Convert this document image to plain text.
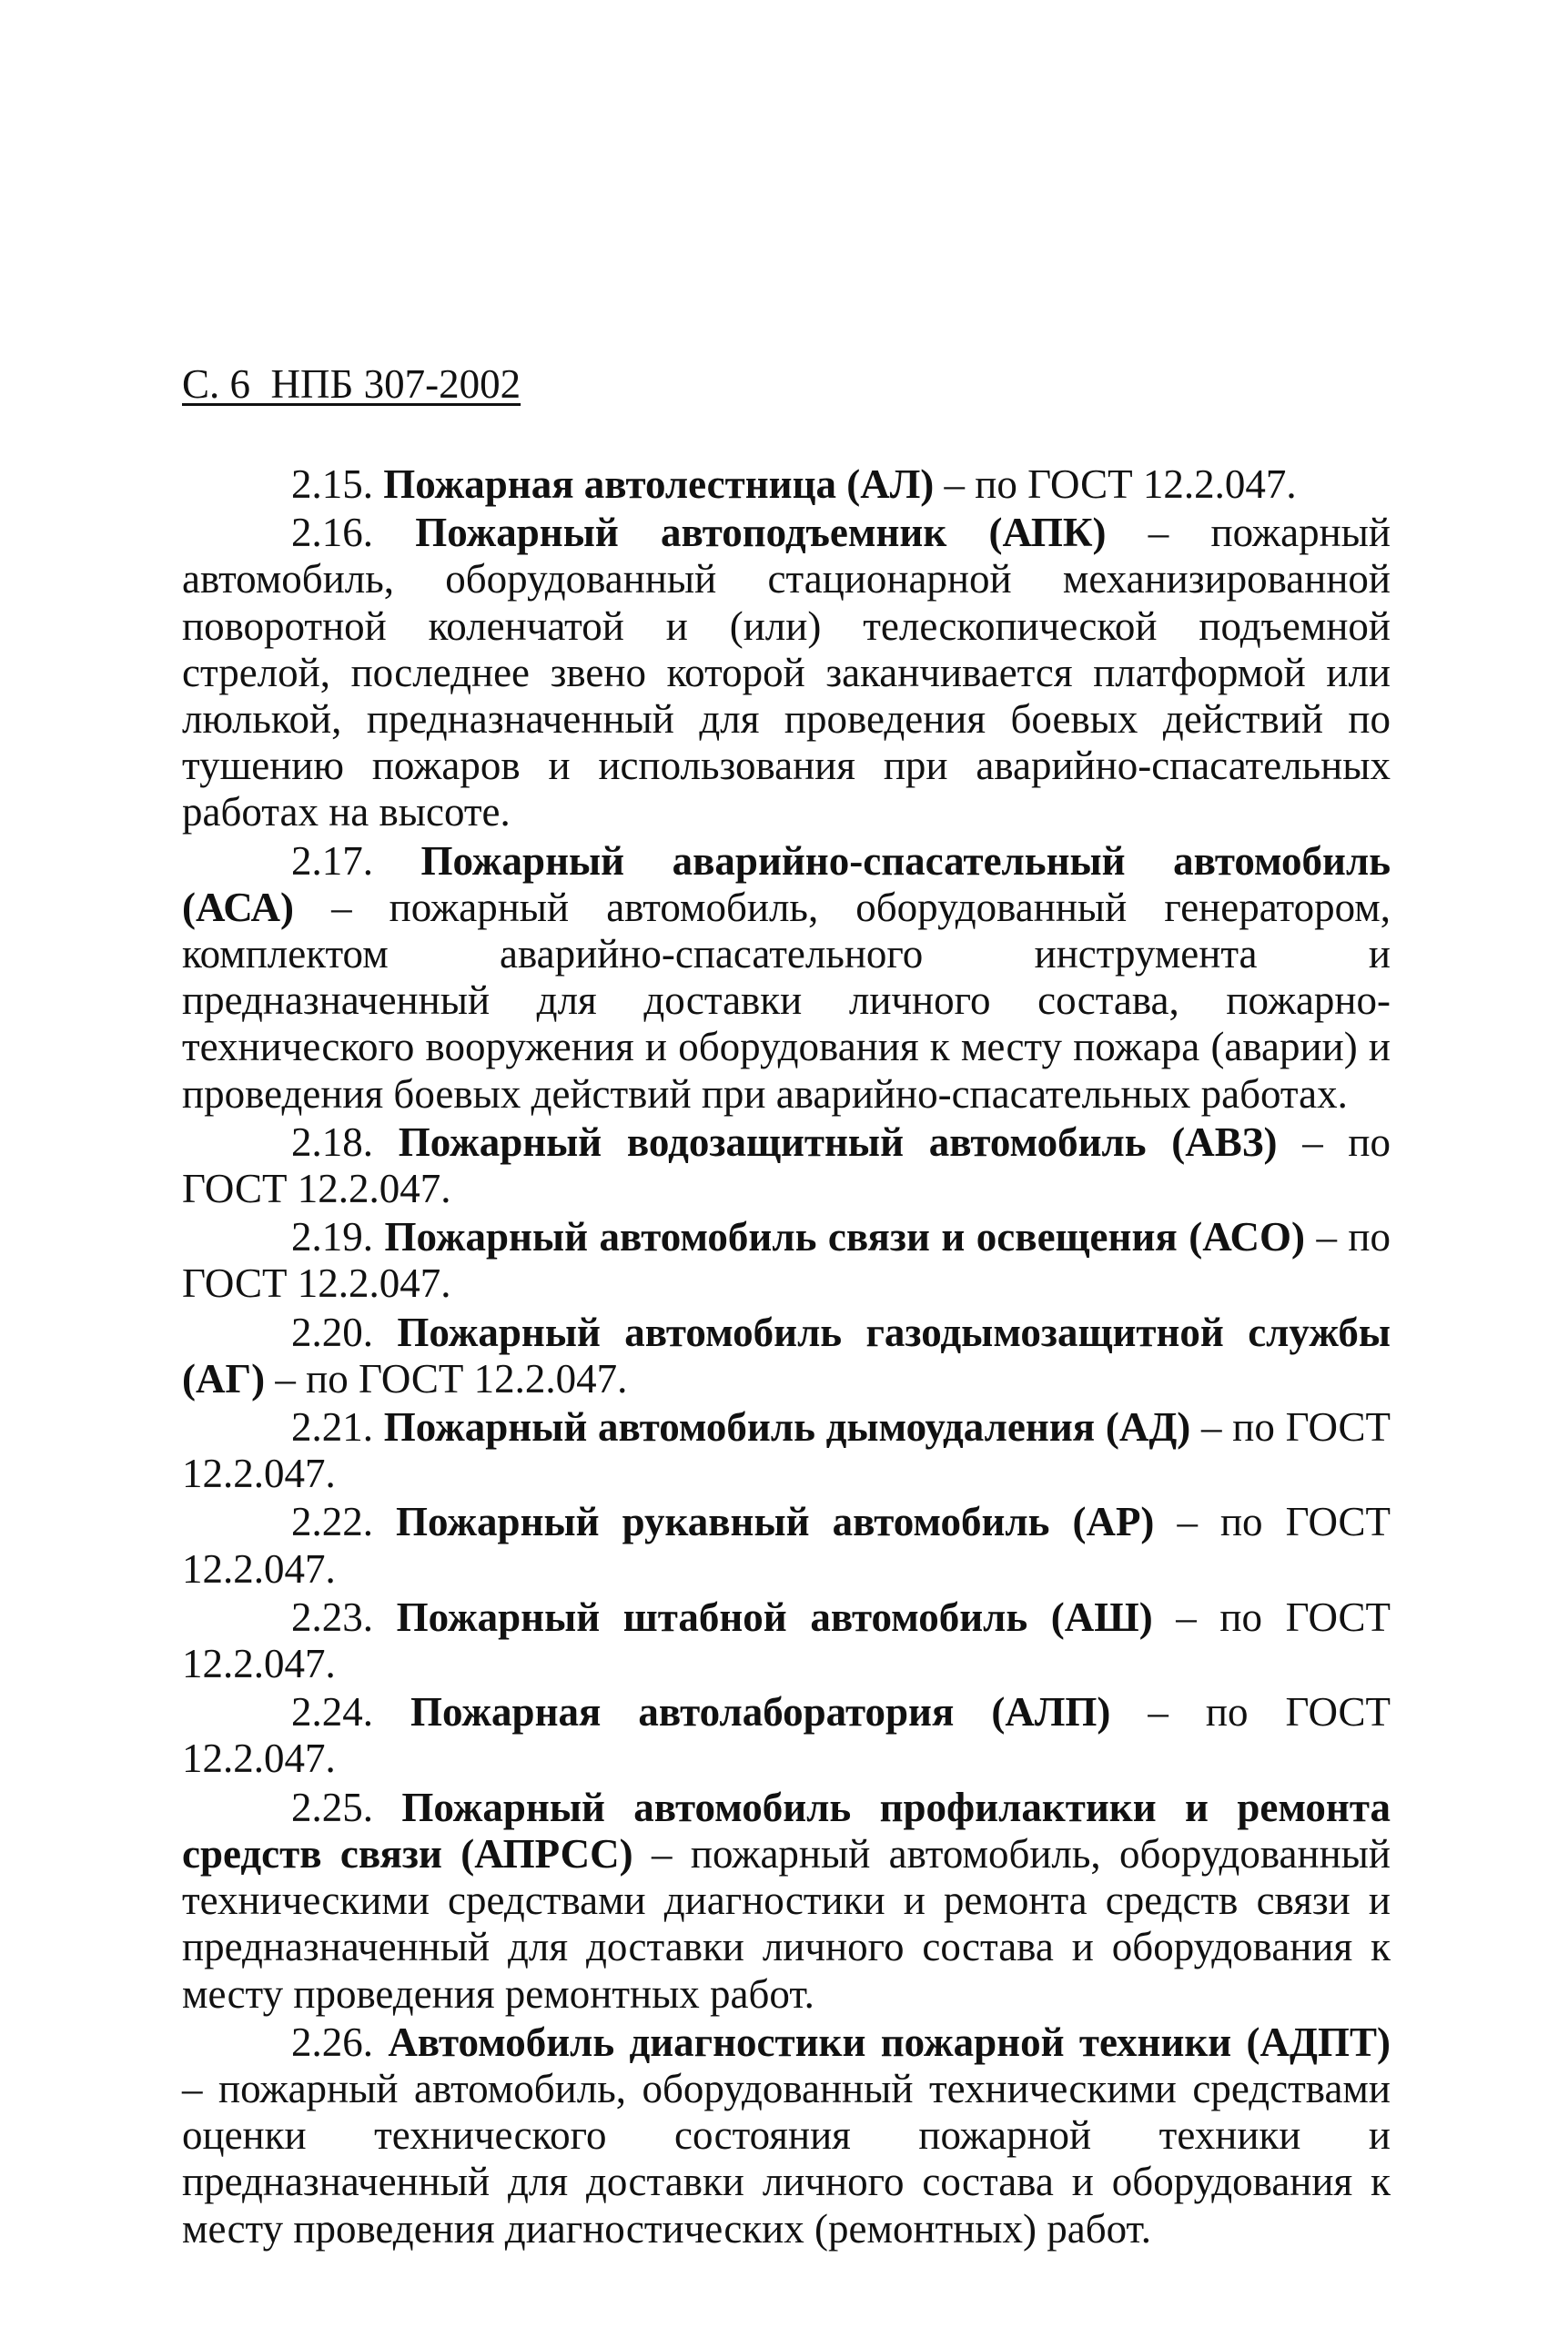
С. 6  НПБ 307-2002

2.15. Пожарная автолестница (АЛ) – по ГОСТ 12.2.047.

2.16. Пожарный автоподъемник (АПК) – пожарный автомобиль, оборудованный стационарной механизированной поворотной коленчатой и (или) телескопической подъемной стрелой, последнее звено которой заканчивается платформой или люлькой, предназначенный для проведения боевых действий по тушению пожаров и использования при аварийно-спасательных работах на высоте.

2.17. Пожарный аварийно-спасательный автомобиль (АСА) – пожарный автомобиль, оборудованный генератором, комплектом аварийно-спасательного инструмента и предназначенный для доставки личного состава, пожарно-технического вооружения и оборудования к месту пожара (аварии) и проведения боевых действий при аварийно-спасательных работах.

2.18. Пожарный водозащитный автомобиль (АВЗ) – по ГОСТ 12.2.047.

2.19. Пожарный автомобиль связи и освещения (АСО) – по ГОСТ 12.2.047.

2.20. Пожарный автомобиль газодымозащитной службы (АГ) – по ГОСТ 12.2.047.

2.21. Пожарный автомобиль дымоудаления (АД) – по ГОСТ 12.2.047.

2.22. Пожарный рукавный автомобиль (АР) – по ГОСТ 12.2.047.

2.23. Пожарный штабной автомобиль (АШ) – по ГОСТ 12.2.047.

2.24. Пожарная автолаборатория (АЛП) – по ГОСТ 12.2.047.

2.25. Пожарный автомобиль профилактики и ремонта средств связи (АПРСС) – пожарный автомобиль, оборудованный техническими средствами диагностики и ремонта средств связи и предназначенный для доставки личного состава и оборудования к месту проведения ремонтных работ.

2.26. Автомобиль диагностики пожарной техники (АДПТ) – пожарный автомобиль, оборудованный техническими средствами оценки технического состояния пожарной техники и предназначенный для доставки личного состава и оборудования к месту проведения диагностических (ремонтных) работ.
